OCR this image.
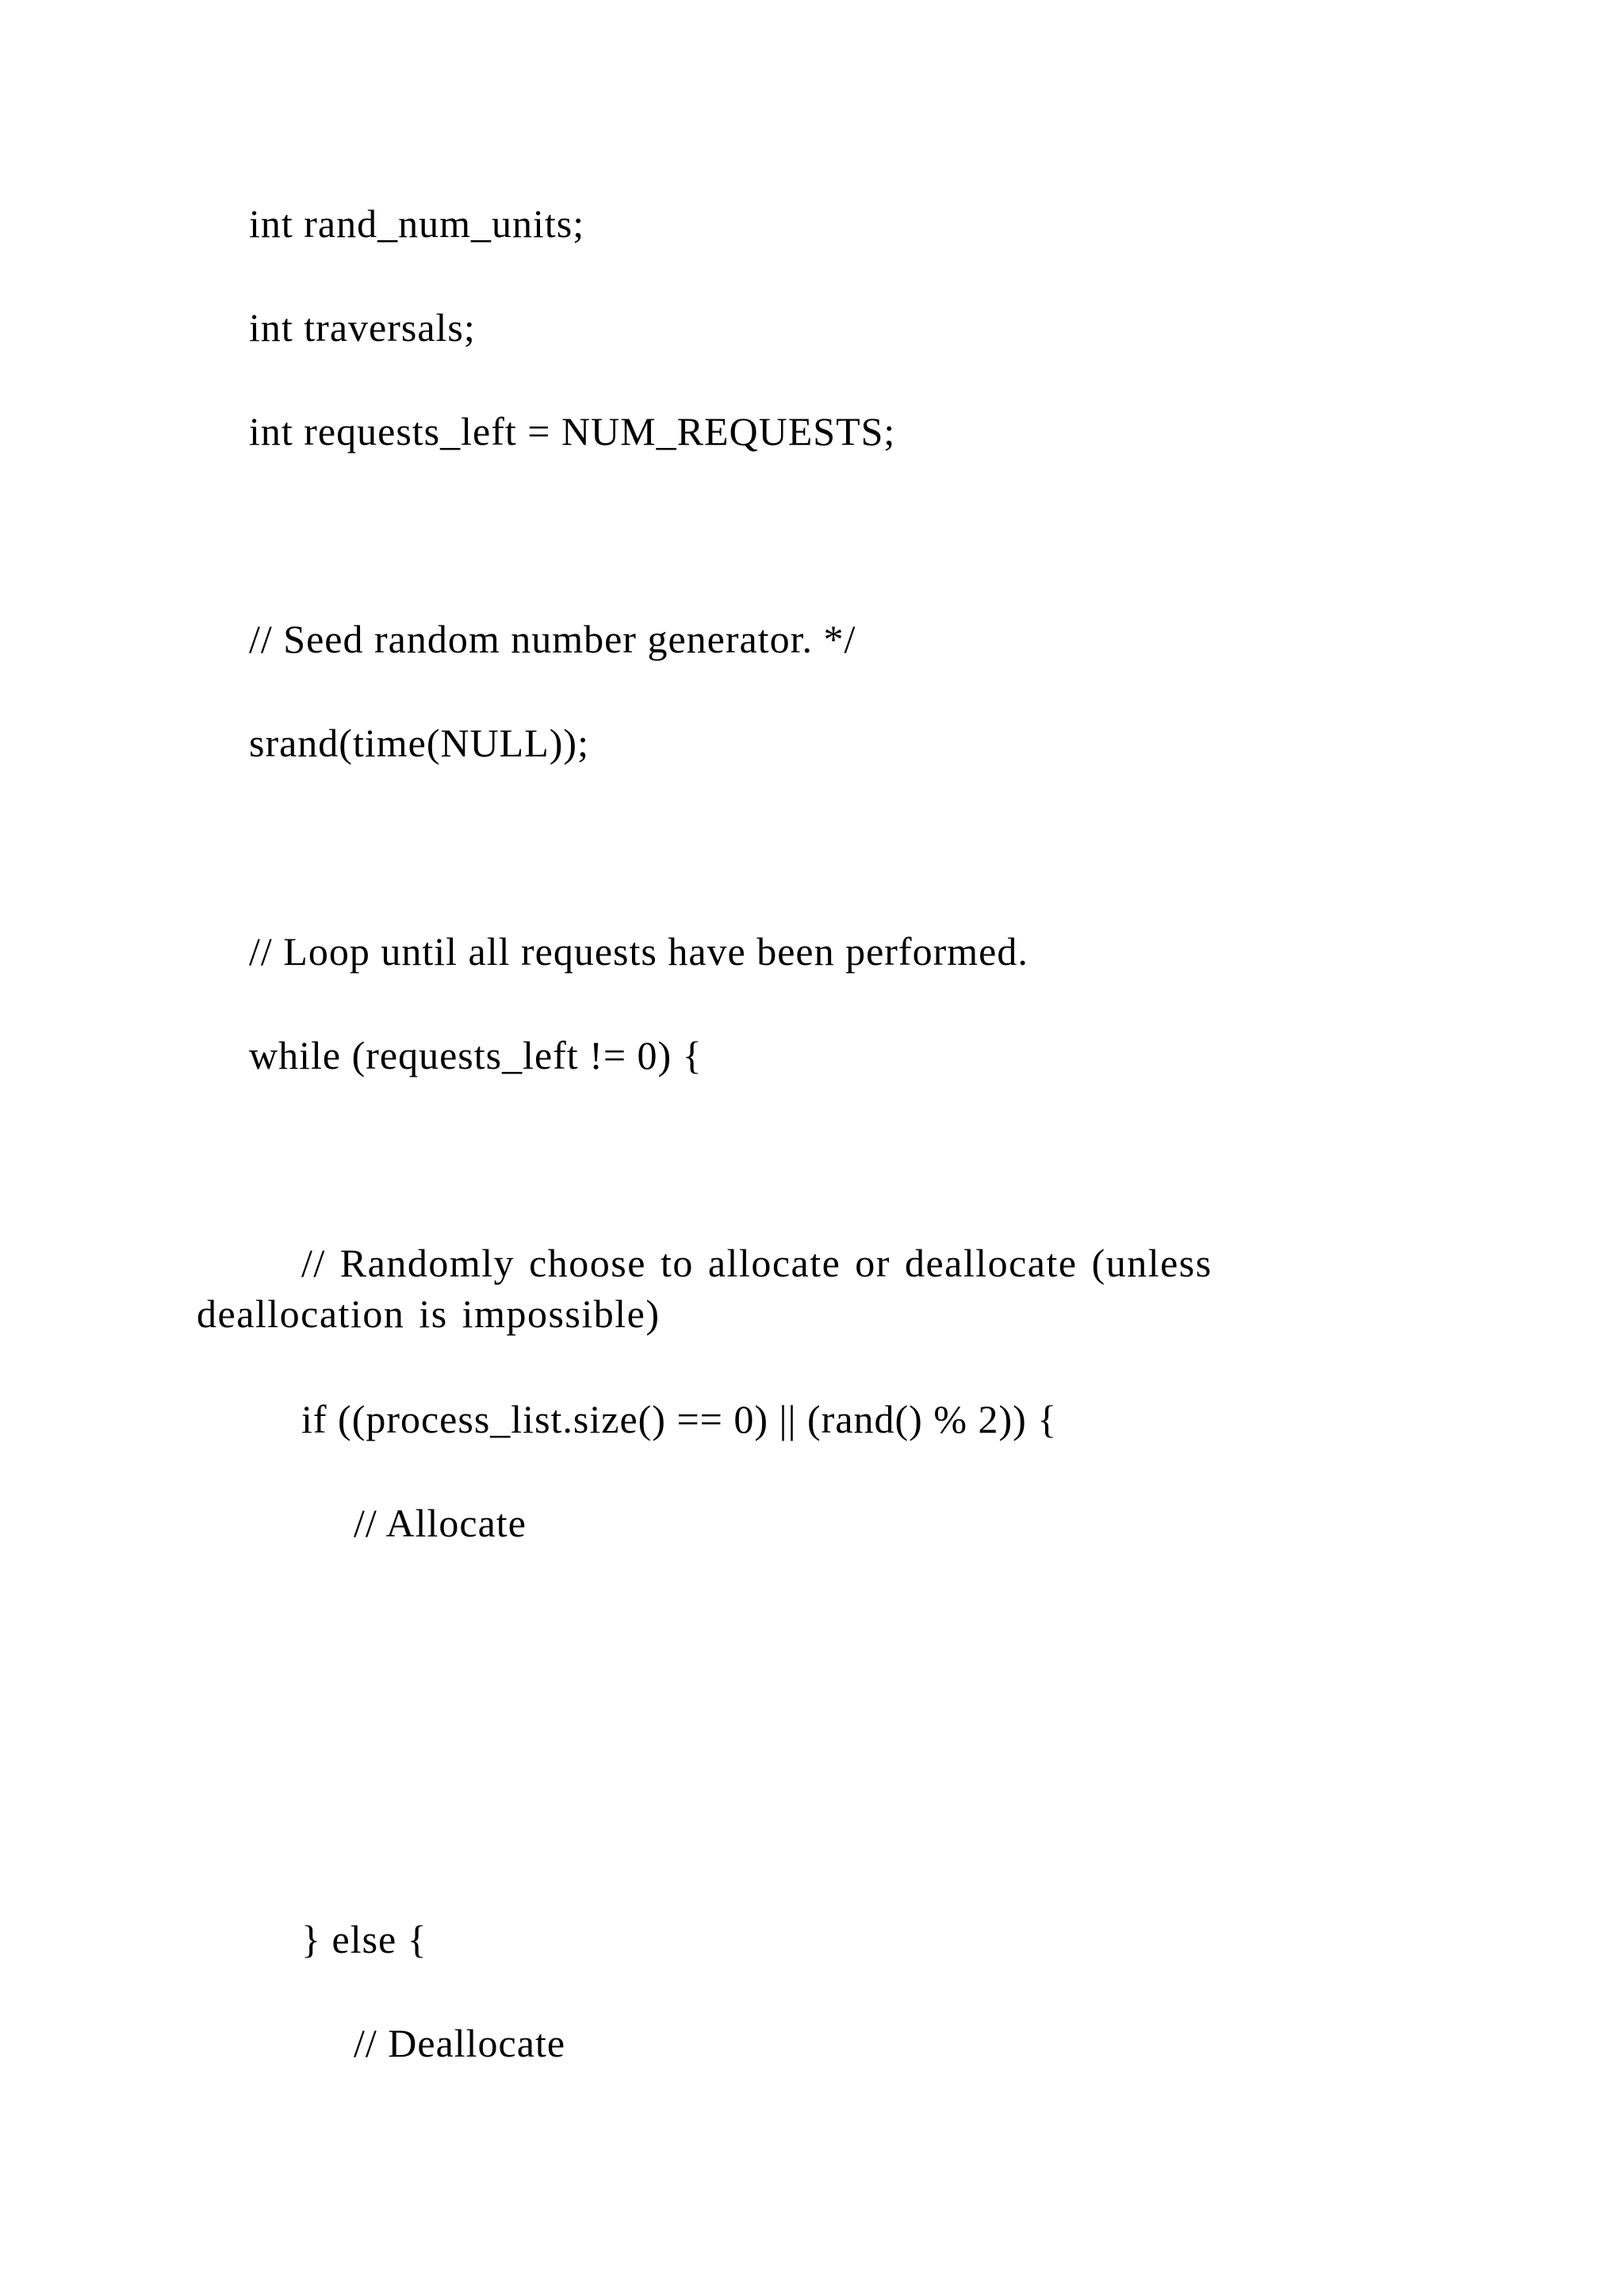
int rand_num_units;

int traversals;

int requests_left = NUM_REQUESTS;

// Seed random number generator. */

srand(time(NULL));

// Loop until all requests have been performed.

while (requests_left != 0) {

// Randomly choose to allocate or deallocate (unless deallocation is impossible)

if ((process_list.size() == 0) || (rand() % 2)) {

// Allocate

} else {

// Deallocate
